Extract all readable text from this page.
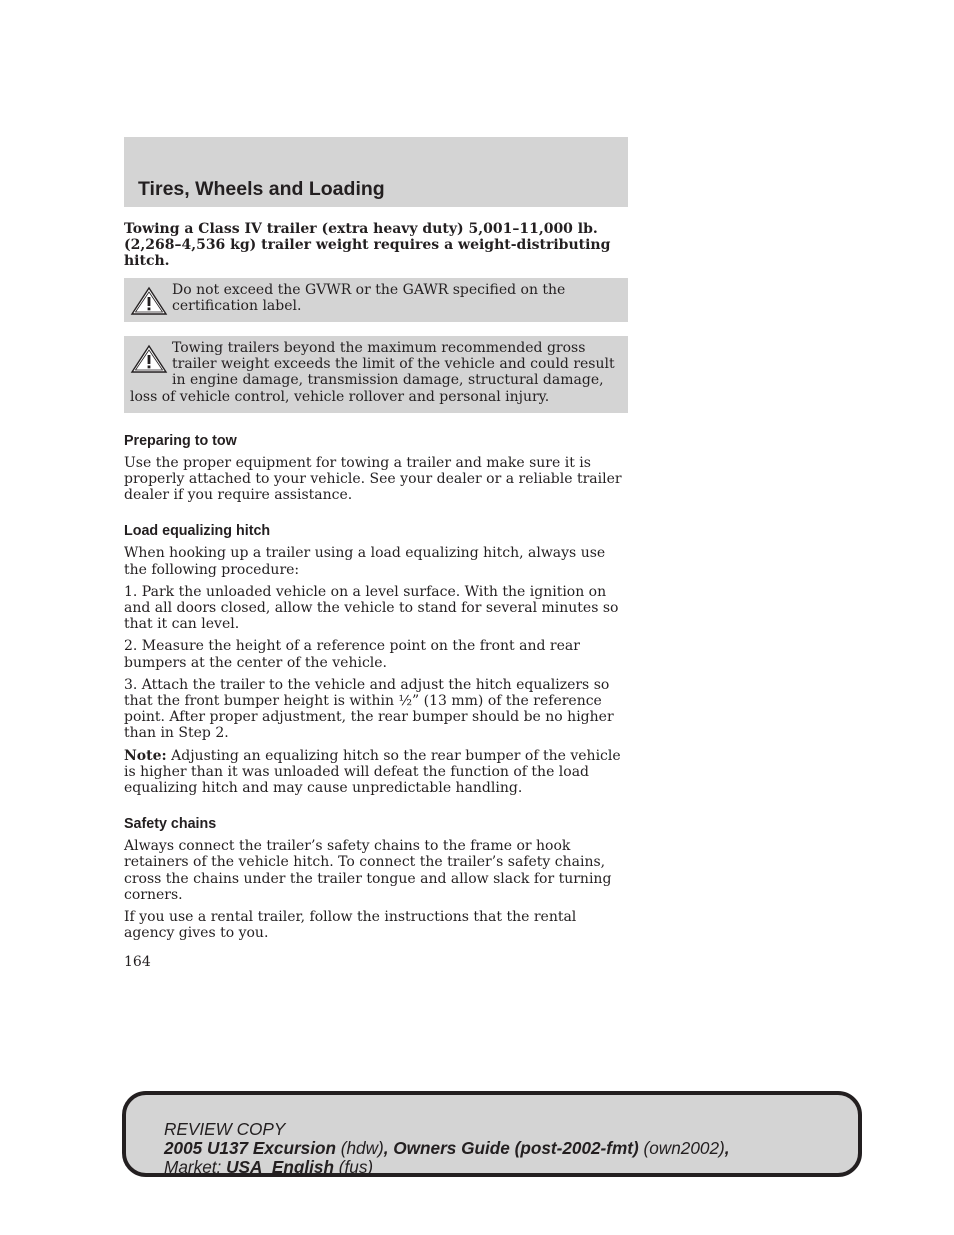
Tires, Wheels and Loading

Towing a Class IV trailer (extra heavy duty) 5,001–11,000 lb. (2,268–4,536 kg) trailer weight requires a weight-distributing hitch.

Do not exceed the GVWR or the GAWR specified on the certification label.

Towing trailers beyond the maximum recommended gross trailer weight exceeds the limit of the vehicle and could result in engine damage, transmission damage, structural damage, loss of vehicle control, vehicle rollover and personal injury.

Preparing to tow

Use the proper equipment for towing a trailer and make sure it is properly attached to your vehicle. See your dealer or a reliable trailer dealer if you require assistance.

Load equalizing hitch

When hooking up a trailer using a load equalizing hitch, always use the following procedure:

1. Park the unloaded vehicle on a level surface. With the ignition on and all doors closed, allow the vehicle to stand for several minutes so that it can level.

2. Measure the height of a reference point on the front and rear bumpers at the center of the vehicle.

3. Attach the trailer to the vehicle and adjust the hitch equalizers so that the front bumper height is within ½” (13 mm) of the reference point. After proper adjustment, the rear bumper should be no higher than in Step 2.

Note: Adjusting an equalizing hitch so the rear bumper of the vehicle is higher than it was unloaded will defeat the function of the load equalizing hitch and may cause unpredictable handling.

Safety chains

Always connect the trailer’s safety chains to the frame or hook retainers of the vehicle hitch. To connect the trailer’s safety chains, cross the chains under the trailer tongue and allow slack for turning corners.

If you use a rental trailer, follow the instructions that the rental agency gives to you.

164

REVIEW COPY
2005 U137 Excursion (hdw), Owners Guide (post-2002-fmt) (own2002),
Market: USA_English (fus)
